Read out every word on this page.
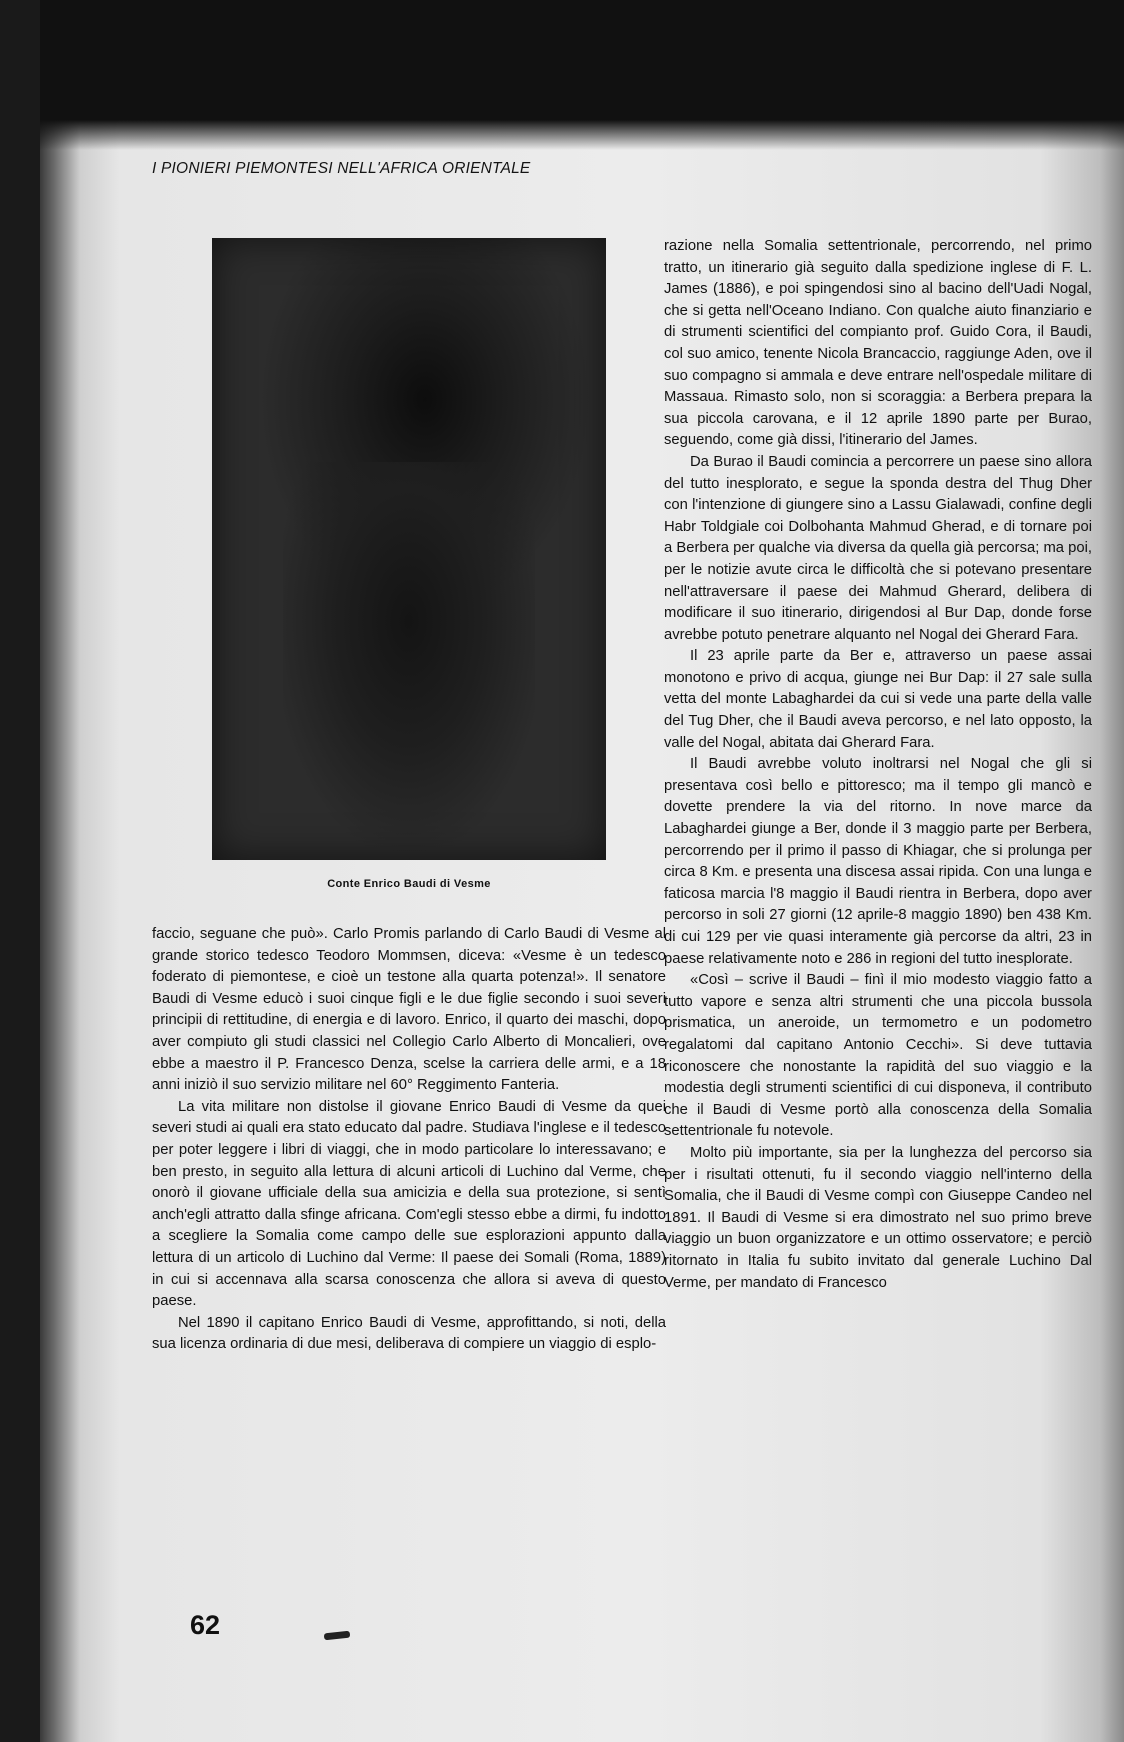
I PIONIERI PIEMONTESI NELL'AFRICA ORIENTALE

Conte Enrico Baudi di Vesme

faccio, seguane che può». Carlo Promis parlando di Carlo Baudi di Vesme al grande storico tedesco Teodoro Mommsen, diceva: «Vesme è un tedesco foderato di piemontese, e cioè un testone alla quarta potenza!». Il senatore Baudi di Vesme educò i suoi cinque figli e le due figlie secondo i suoi severi principii di rettitudine, di energia e di lavoro. Enrico, il quarto dei maschi, dopo aver compiuto gli studi classici nel Collegio Carlo Alberto di Moncalieri, ove ebbe a maestro il P. Francesco Denza, scelse la carriera delle armi, e a 18 anni iniziò il suo servizio militare nel 60° Reggimento Fanteria.

La vita militare non distolse il giovane Enrico Baudi di Vesme da quei severi studi ai quali era stato educato dal padre. Studiava l'inglese e il tedesco per poter leggere i libri di viaggi, che in modo particolare lo interessavano; e ben presto, in seguito alla lettura di alcuni articoli di Luchino dal Verme, che onorò il giovane ufficiale della sua amicizia e della sua protezione, si sentì anch'egli attratto dalla sfinge africana. Com'egli stesso ebbe a dirmi, fu indotto a scegliere la Somalia come campo delle sue esplorazioni appunto dalla lettura di un articolo di Luchino dal Verme: Il paese dei Somali (Roma, 1889) in cui si accennava alla scarsa conoscenza che allora si aveva di questo paese.

Nel 1890 il capitano Enrico Baudi di Vesme, approfittando, si noti, della sua licenza ordinaria di due mesi, deliberava di compiere un viaggio di esplo-

razione nella Somalia settentrionale, percorrendo, nel primo tratto, un itinerario già seguito dalla spedizione inglese di F. L. James (1886), e poi spingendosi sino al bacino dell'Uadi Nogal, che si getta nell'Oceano Indiano. Con qualche aiuto finanziario e di strumenti scientifici del compianto prof. Guido Cora, il Baudi, col suo amico, tenente Nicola Brancaccio, raggiunge Aden, ove il suo compagno si ammala e deve entrare nell'ospedale militare di Massaua. Rimasto solo, non si scoraggia: a Berbera prepara la sua piccola carovana, e il 12 aprile 1890 parte per Burao, seguendo, come già dissi, l'itinerario del James.

Da Burao il Baudi comincia a percorrere un paese sino allora del tutto inesplorato, e segue la sponda destra del Thug Dher con l'intenzione di giungere sino a Lassu Gialawadi, confine degli Habr Toldgiale coi Dolbohanta Mahmud Gherad, e di tornare poi a Berbera per qualche via diversa da quella già percorsa; ma poi, per le notizie avute circa le difficoltà che si potevano presentare nell'attraversare il paese dei Mahmud Gherard, delibera di modificare il suo itinerario, dirigendosi al Bur Dap, donde forse avrebbe potuto penetrare alquanto nel Nogal dei Gherard Fara.

Il 23 aprile parte da Ber e, attraverso un paese assai monotono e privo di acqua, giunge nei Bur Dap: il 27 sale sulla vetta del monte Labaghardei da cui si vede una parte della valle del Tug Dher, che il Baudi aveva percorso, e nel lato opposto, la valle del Nogal, abitata dai Gherard Fara.

Il Baudi avrebbe voluto inoltrarsi nel Nogal che gli si presentava così bello e pittoresco; ma il tempo gli mancò e dovette prendere la via del ritorno. In nove marce da Labaghardei giunge a Ber, donde il 3 maggio parte per Berbera, percorrendo per il primo il passo di Khiagar, che si prolunga per circa 8 Km. e presenta una discesa assai ripida. Con una lunga e faticosa marcia l'8 maggio il Baudi rientra in Berbera, dopo aver percorso in soli 27 giorni (12 aprile-8 maggio 1890) ben 438 Km. di cui 129 per vie quasi interamente già percorse da altri, 23 in paese relativamente noto e 286 in regioni del tutto inesplorate.

«Così – scrive il Baudi – finì il mio modesto viaggio fatto a tutto vapore e senza altri strumenti che una piccola bussola prismatica, un aneroide, un termometro e un podometro regalatomi dal capitano Antonio Cecchi». Si deve tuttavia riconoscere che nonostante la rapidità del suo viaggio e la modestia degli strumenti scientifici di cui disponeva, il contributo che il Baudi di Vesme portò alla conoscenza della Somalia settentrionale fu notevole.

Molto più importante, sia per la lunghezza del percorso sia per i risultati ottenuti, fu il secondo viaggio nell'interno della Somalia, che il Baudi di Vesme compì con Giuseppe Candeo nel 1891. Il Baudi di Vesme si era dimostrato nel suo primo breve viaggio un buon organizzatore e un ottimo osservatore; e perciò ritornato in Italia fu subito invitato dal generale Luchino Dal Verme, per mandato di Francesco

62
